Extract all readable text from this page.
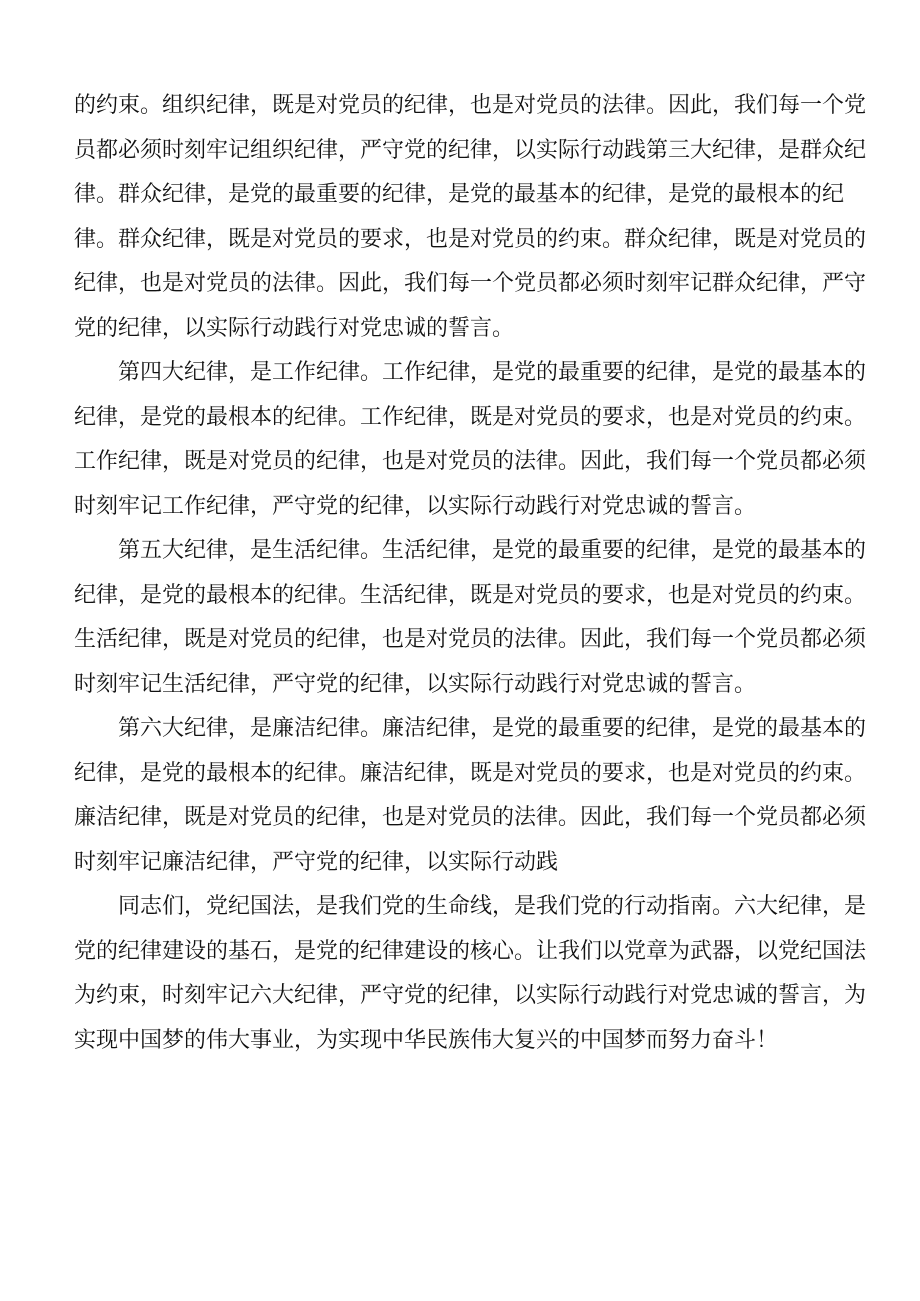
的约束。组织纪律，既是对党员的纪律，也是对党员的法律。因此，我们每一个党员都必须时刻牢记组织纪律，严守党的纪律，以实际行动践第三大纪律，是群众纪律。群众纪律，是党的最重要的纪律，是党的最基本的纪律，是党的最根本的纪律。群众纪律，既是对党员的要求，也是对党员的约束。群众纪律，既是对党员的纪律，也是对党员的法律。因此，我们每一个党员都必须时刻牢记群众纪律，严守党的纪律，以实际行动践行对党忠诚的誓言。

　　第四大纪律，是工作纪律。工作纪律，是党的最重要的纪律，是党的最基本的纪律，是党的最根本的纪律。工作纪律，既是对党员的要求，也是对党员的约束。工作纪律，既是对党员的纪律，也是对党员的法律。因此，我们每一个党员都必须时刻牢记工作纪律，严守党的纪律，以实际行动践行对党忠诚的誓言。

　　第五大纪律，是生活纪律。生活纪律，是党的最重要的纪律，是党的最基本的纪律，是党的最根本的纪律。生活纪律，既是对党员的要求，也是对党员的约束。生活纪律，既是对党员的纪律，也是对党员的法律。因此，我们每一个党员都必须时刻牢记生活纪律，严守党的纪律，以实际行动践行对党忠诚的誓言。

　　第六大纪律，是廉洁纪律。廉洁纪律，是党的最重要的纪律，是党的最基本的纪律，是党的最根本的纪律。廉洁纪律，既是对党员的要求，也是对党员的约束。廉洁纪律，既是对党员的纪律，也是对党员的法律。因此，我们每一个党员都必须时刻牢记廉洁纪律，严守党的纪律，以实际行动践

　　同志们，党纪国法，是我们党的生命线，是我们党的行动指南。六大纪律，是党的纪律建设的基石，是党的纪律建设的核心。让我们以党章为武器，以党纪国法为约束，时刻牢记六大纪律，严守党的纪律，以实际行动践行对党忠诚的誓言，为实现中国梦的伟大事业，为实现中华民族伟大复兴的中国梦而努力奋斗！
